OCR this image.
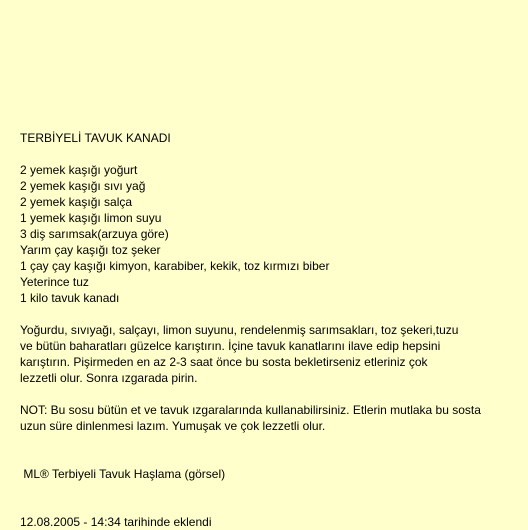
TERBİYELİ TAVUK KANADI
2 yemek kaşığı yoğurt
2 yemek kaşığı sıvı yağ
2 yemek kaşığı salça
1 yemek kaşığı limon suyu
3 diş sarımsak(arzuya göre)
Yarım çay kaşığı toz şeker
1 çay çay kaşığı kimyon, karabiber, kekik, toz kırmızı biber
Yeterince tuz
1 kilo tavuk kanadı
Yoğurdu, sıvıyağı, salçayı, limon suyunu, rendelenmiş sarımsakları, toz şekeri,tuzu
ve bütün baharatları güzelce karıştırın. İçine tavuk kanatlarını ilave edip hepsini
karıştırın. Pişirmeden en az 2-3 saat önce bu sosta bekletirseniz etleriniz çok
lezzetli olur. Sonra ızgarada pirin.
NOT: Bu sosu bütün et ve tavuk ızgaralarında kullanabilirsiniz. Etlerin mutlaka bu sosta
uzun süre dinlenmesi lazım. Yumuşak ve çok lezzetli olur.
ML® Terbiyeli Tavuk Haşlama (görsel)
12.08.2005 - 14:34 tarihinde eklendi
